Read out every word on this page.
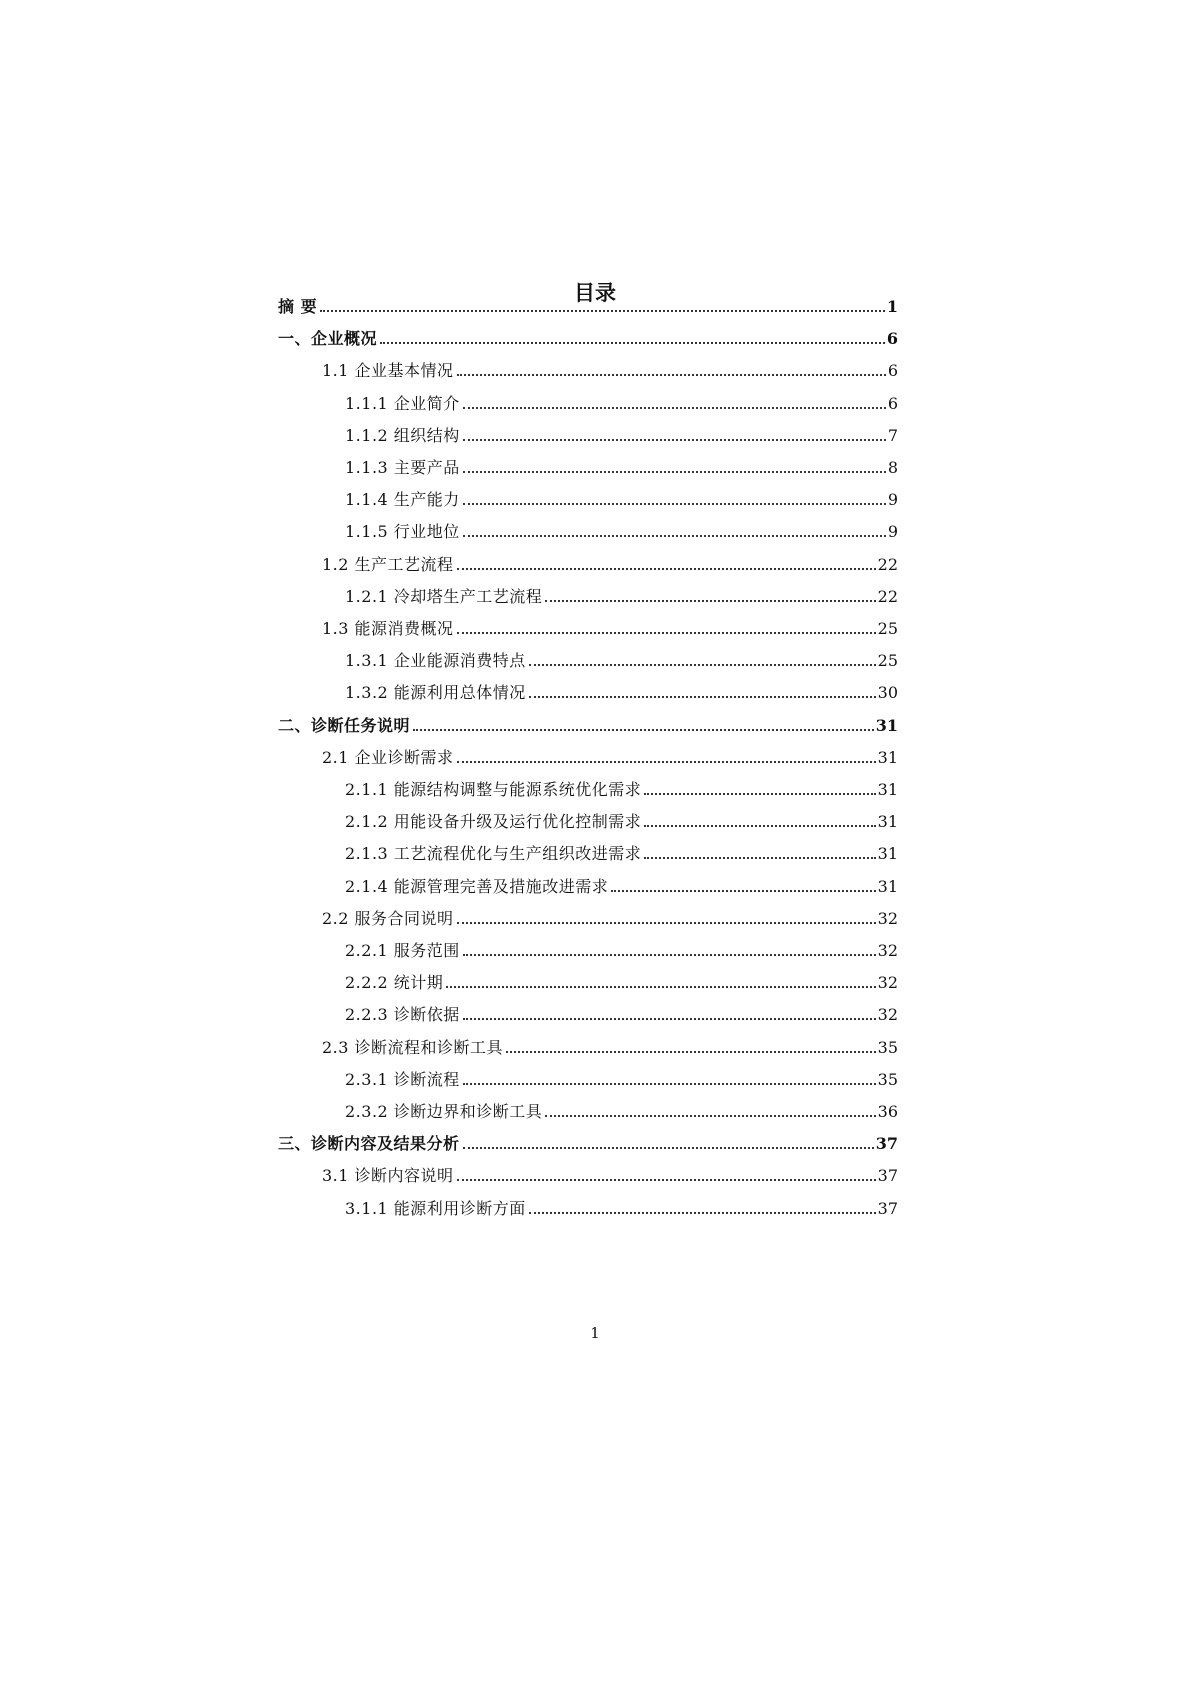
目录
摘 要	1
一、企业概况	6
1.1 企业基本情况	6
1.1.1 企业简介	6
1.1.2 组织结构	7
1.1.3 主要产品	8
1.1.4 生产能力	9
1.1.5 行业地位	9
1.2 生产工艺流程	22
1.2.1 冷却塔生产工艺流程	22
1.3 能源消费概况	25
1.3.1 企业能源消费特点	25
1.3.2 能源利用总体情况	30
二、诊断任务说明	31
2.1 企业诊断需求	31
2.1.1 能源结构调整与能源系统优化需求	31
2.1.2 用能设备升级及运行优化控制需求	31
2.1.3 工艺流程优化与生产组织改进需求	31
2.1.4 能源管理完善及措施改进需求	31
2.2 服务合同说明	32
2.2.1 服务范围	32
2.2.2 统计期	32
2.2.3 诊断依据	32
2.3 诊断流程和诊断工具	35
2.3.1 诊断流程	35
2.3.2 诊断边界和诊断工具	36
三、诊断内容及结果分析	37
3.1 诊断内容说明	37
3.1.1 能源利用诊断方面	37
1
